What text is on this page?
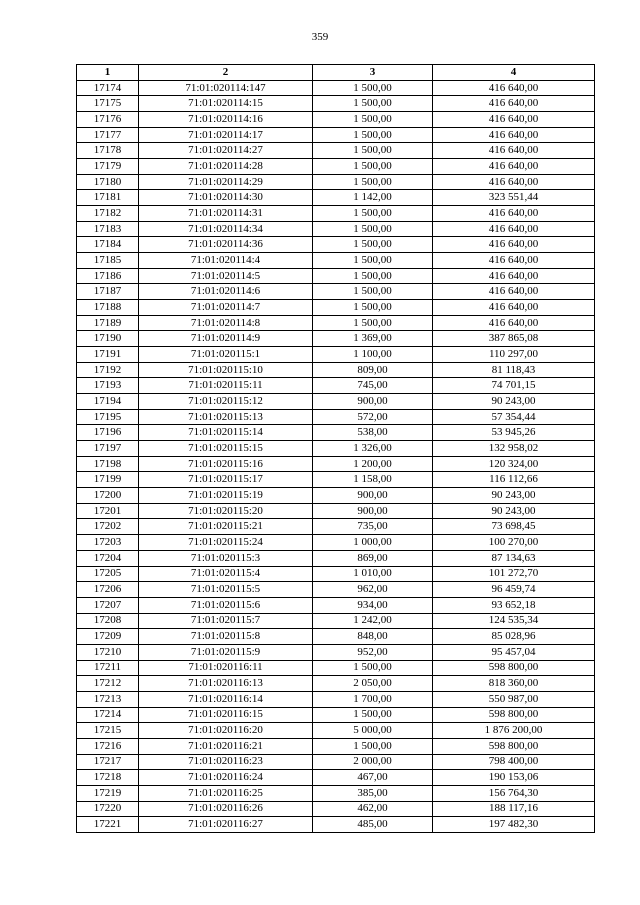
359
1	2	3	4
17174	71:01:020114:147	1 500,00	416 640,00
17175	71:01:020114:15	1 500,00	416 640,00
17176	71:01:020114:16	1 500,00	416 640,00
17177	71:01:020114:17	1 500,00	416 640,00
17178	71:01:020114:27	1 500,00	416 640,00
17179	71:01:020114:28	1 500,00	416 640,00
17180	71:01:020114:29	1 500,00	416 640,00
17181	71:01:020114:30	1 142,00	323 551,44
17182	71:01:020114:31	1 500,00	416 640,00
17183	71:01:020114:34	1 500,00	416 640,00
17184	71:01:020114:36	1 500,00	416 640,00
17185	71:01:020114:4	1 500,00	416 640,00
17186	71:01:020114:5	1 500,00	416 640,00
17187	71:01:020114:6	1 500,00	416 640,00
17188	71:01:020114:7	1 500,00	416 640,00
17189	71:01:020114:8	1 500,00	416 640,00
17190	71:01:020114:9	1 369,00	387 865,08
17191	71:01:020115:1	1 100,00	110 297,00
17192	71:01:020115:10	809,00	81 118,43
17193	71:01:020115:11	745,00	74 701,15
17194	71:01:020115:12	900,00	90 243,00
17195	71:01:020115:13	572,00	57 354,44
17196	71:01:020115:14	538,00	53 945,26
17197	71:01:020115:15	1 326,00	132 958,02
17198	71:01:020115:16	1 200,00	120 324,00
17199	71:01:020115:17	1 158,00	116 112,66
17200	71:01:020115:19	900,00	90 243,00
17201	71:01:020115:20	900,00	90 243,00
17202	71:01:020115:21	735,00	73 698,45
17203	71:01:020115:24	1 000,00	100 270,00
17204	71:01:020115:3	869,00	87 134,63
17205	71:01:020115:4	1 010,00	101 272,70
17206	71:01:020115:5	962,00	96 459,74
17207	71:01:020115:6	934,00	93 652,18
17208	71:01:020115:7	1 242,00	124 535,34
17209	71:01:020115:8	848,00	85 028,96
17210	71:01:020115:9	952,00	95 457,04
17211	71:01:020116:11	1 500,00	598 800,00
17212	71:01:020116:13	2 050,00	818 360,00
17213	71:01:020116:14	1 700,00	550 987,00
17214	71:01:020116:15	1 500,00	598 800,00
17215	71:01:020116:20	5 000,00	1 876 200,00
17216	71:01:020116:21	1 500,00	598 800,00
17217	71:01:020116:23	2 000,00	798 400,00
17218	71:01:020116:24	467,00	190 153,06
17219	71:01:020116:25	385,00	156 764,30
17220	71:01:020116:26	462,00	188 117,16
17221	71:01:020116:27	485,00	197 482,30
